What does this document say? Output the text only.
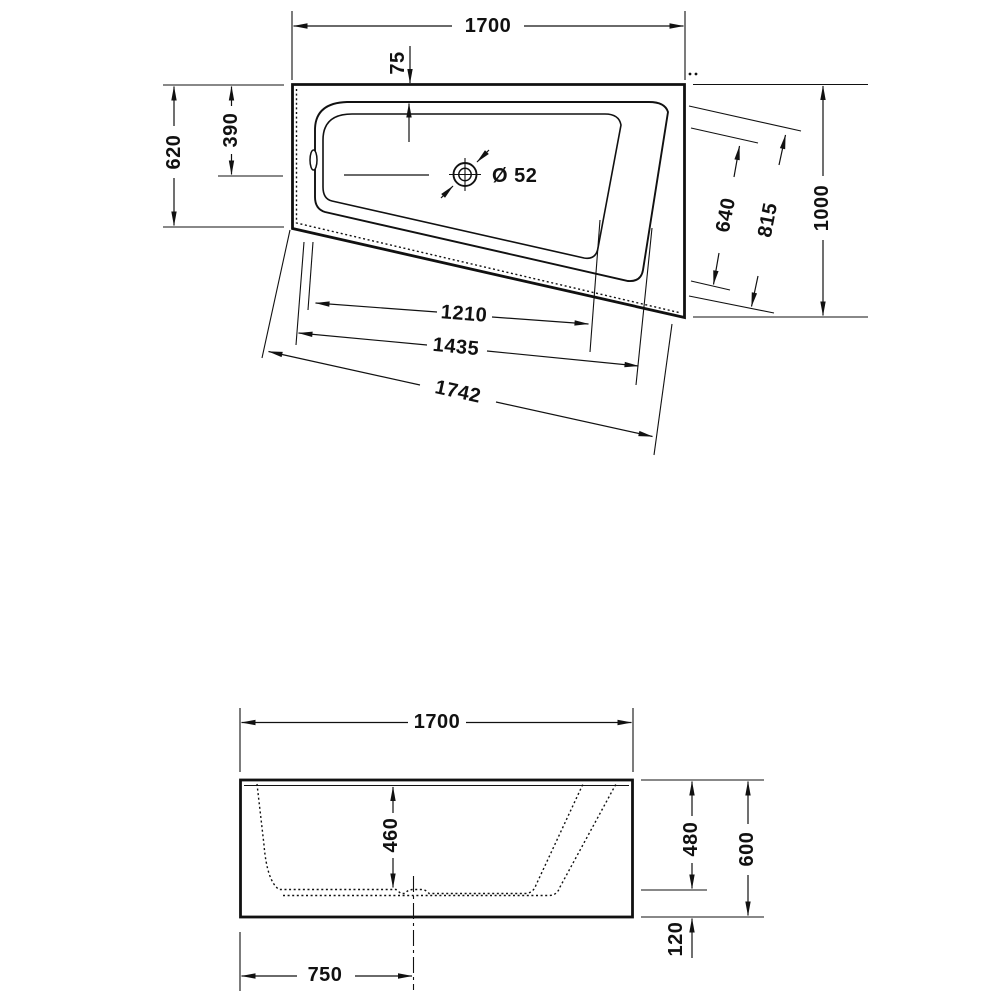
Ø 52
1700
620
390
75
1000
640 815
1210
1435
1742
1700
460	480 600
120
750
